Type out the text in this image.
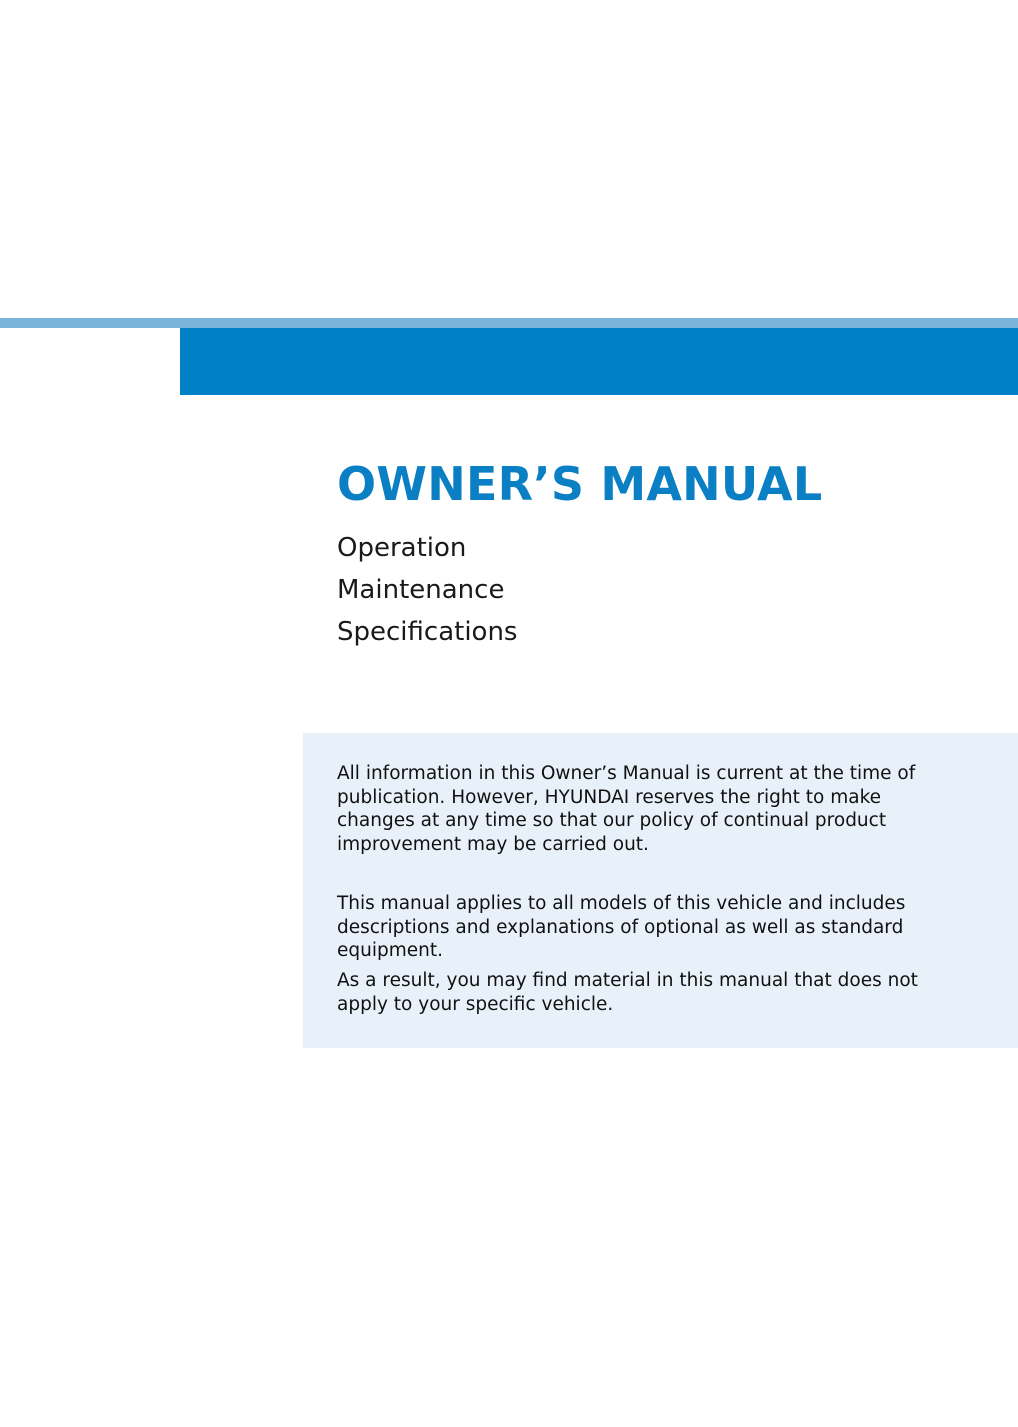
OWNER’S MANUAL
Operation
Maintenance
Specifications

All information in this Owner’s Manual is current at the time of
publication. However, HYUNDAI reserves the right to make
changes at any time so that our policy of continual product
improvement may be carried out.

This manual applies to all models of this vehicle and includes
descriptions and explanations of optional as well as standard
equipment.

As a result, you may find material in this manual that does not
apply to your specific vehicle.
